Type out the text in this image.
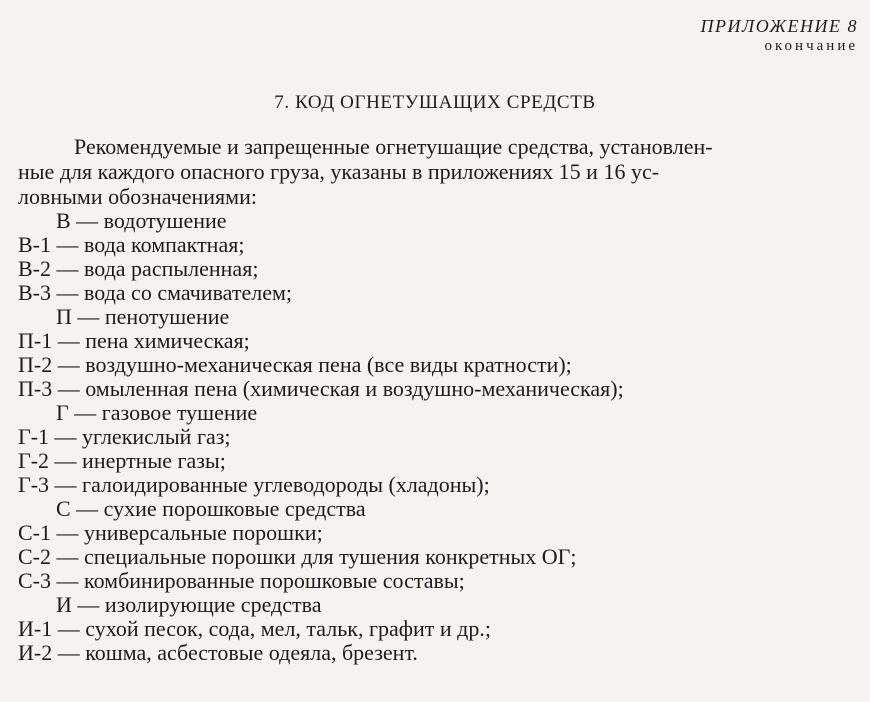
ПРИЛОЖЕНИЕ 8
окончание
7. КОД ОГНЕТУШАЩИХ СРЕДСТВ
Рекомендуемые и запрещенные огнетушащие средства, установлен-
ные для каждого опасного груза, указаны в приложениях 15 и 16 ус-
ловными обозначениями:
В — водотушение
В-1 — вода компактная;
В-2 — вода распыленная;
В-3 — вода со смачивателем;
П — пенотушение
П-1 — пена химическая;
П-2 — воздушно-механическая пена (все виды кратности);
П-3 — омыленная пена (химическая и воздушно-механическая);
Г — газовое тушение
Г-1 — углекислый газ;
Г-2 — инертные газы;
Г-3 — галоидированные углеводороды (хладоны);
С — сухие порошковые средства
С-1 — универсальные порошки;
С-2 — специальные порошки для тушения конкретных ОГ;
С-3 — комбинированные порошковые составы;
И — изолирующие средства
И-1 — сухой песок, сода, мел, тальк, графит и др.;
И-2 — кошма, асбестовые одеяла, брезент.
